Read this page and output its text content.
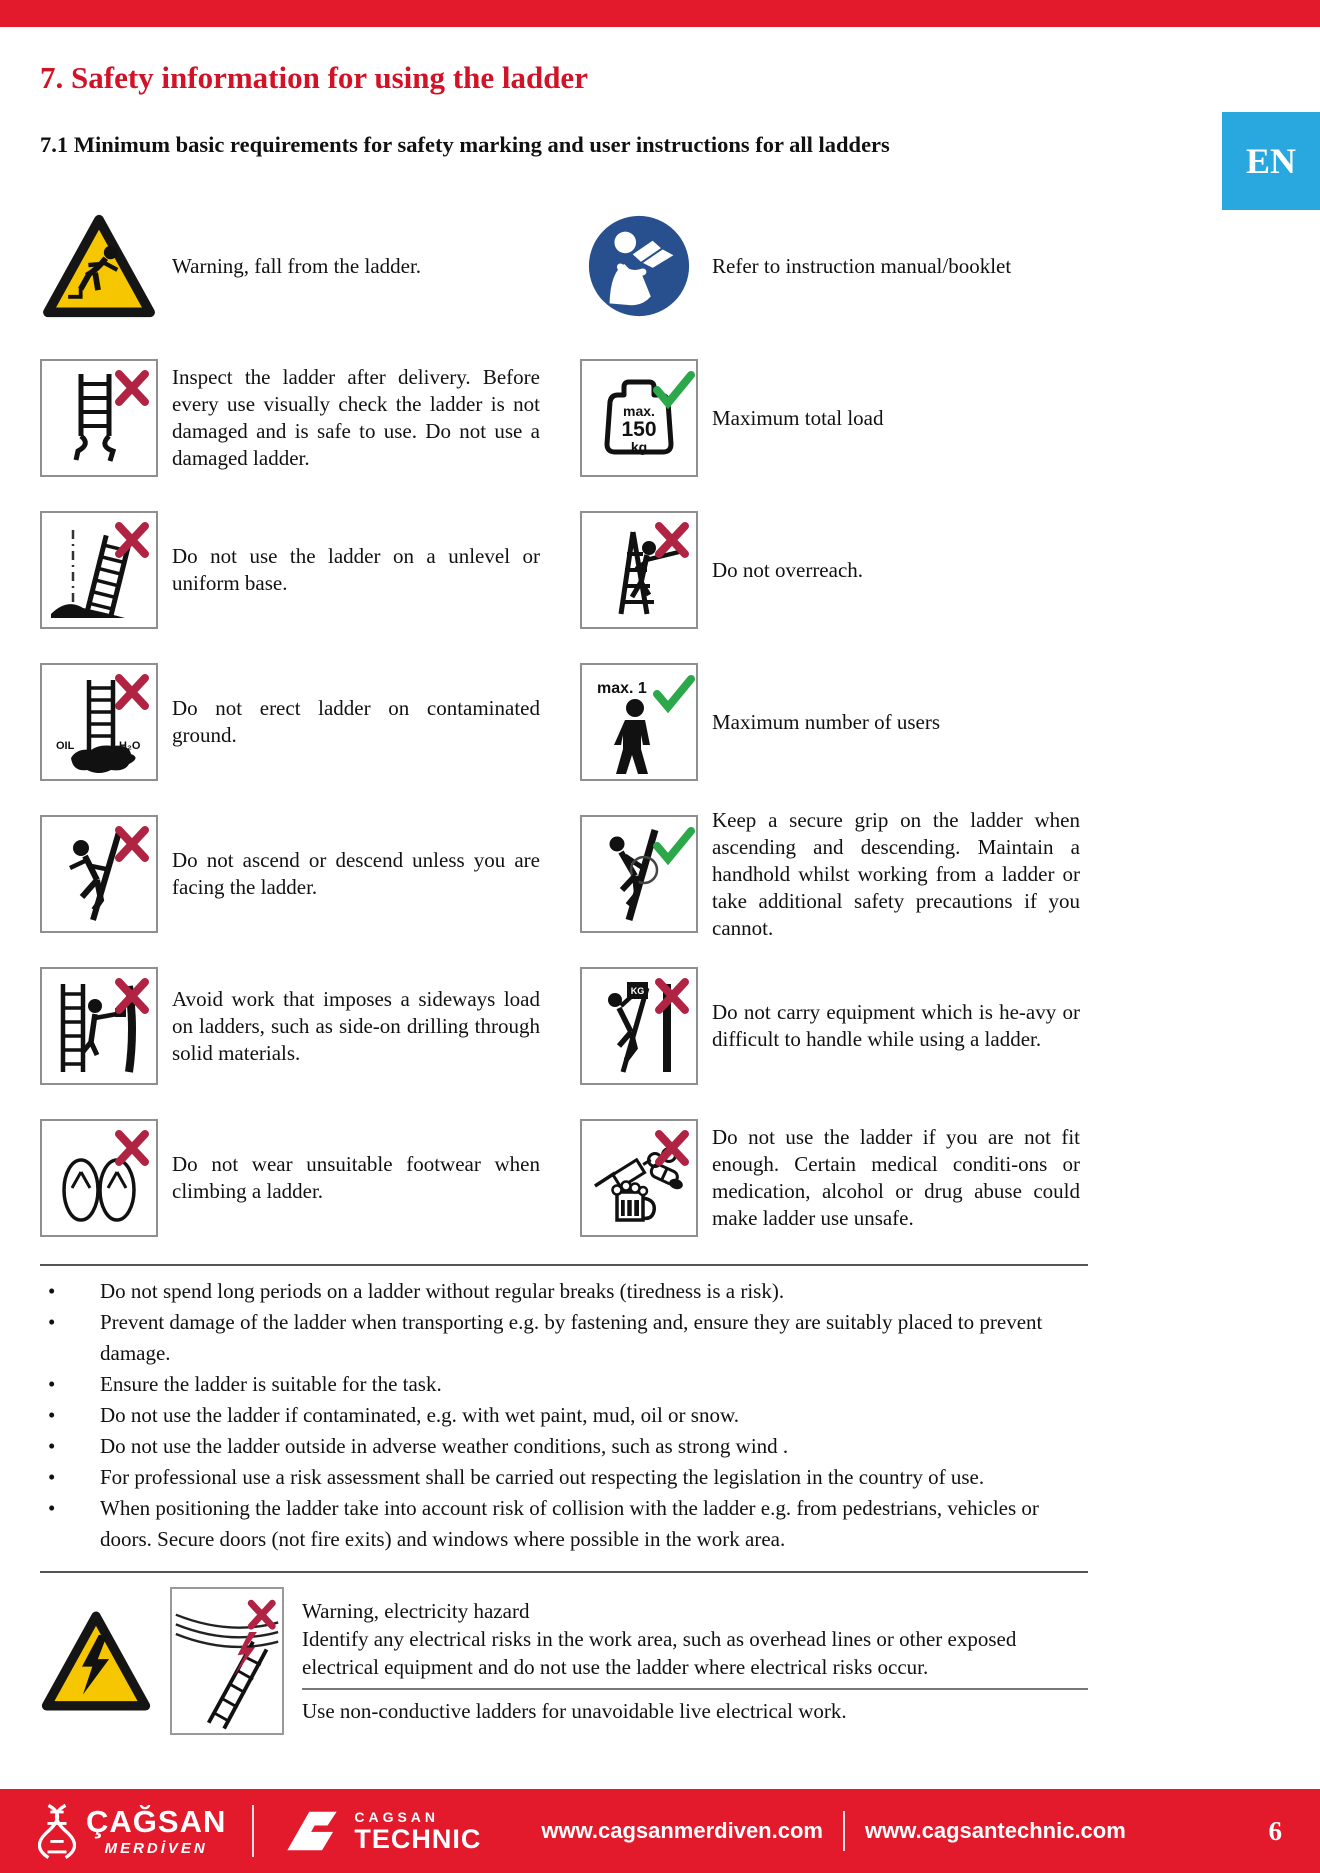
EN
7. Safety information for using the ladder
7.1 Minimum basic requirements for safety marking and user instructions for all ladders
Warning, fall from the ladder.	Refer to instruction manual/booklet
Inspect the ladder after delivery. Before every use visually check the ladder is not damaged and is safe to use. Do not use a damaged ladder.
max.
150
kg
Maximum total load
Do not use the ladder on a unlevel or uniform base.
Do not overreach.
OIL	H₂O
Do not erect ladder on contaminated ground.
max. 1
Maximum number of users
Do not ascend or descend unless you are facing the ladder.
Keep a secure grip on the ladder when ascending and descending. Maintain a handhold whilst working from a ladder or take additional safety precautions if you cannot.
Avoid work that imposes a sideways load on ladders, such as side-on drilling through solid materials.
KG
Do not carry equipment which is he-avy or difficult to handle while using a ladder.
Do not wear unsuitable footwear when climbing a ladder.
Do not use the ladder if you are not fit enough. Certain medical conditi-ons or medication, alcohol or drug abuse could make ladder use unsafe.
• Do not spend long periods on a ladder without regular breaks (tiredness is a risk).
• Prevent damage of the ladder when transporting e.g. by fastening and, ensure they are suitably placed to prevent damage.
• Ensure the ladder is suitable for the task.
• Do not use the ladder if contaminated, e.g. with wet paint, mud, oil or snow.
• Do not use the ladder outside in adverse weather conditions, such as strong wind .
• For professional use a risk assessment shall be carried out respecting the legislation in the country of use.
• When positioning the ladder take into account risk of collision with the ladder e.g. from pedestrians, vehicles or doors. Secure doors (not fire exits) and windows where possible in the work area.
Warning, electricity hazard
Identify any electrical risks in the work area, such as overhead lines or other exposed electrical equipment and do not use the ladder where electrical risks occur.
Use non-conductive ladders for unavoidable live electrical work.
ÇAĞSAN
MERDİVEN
CAGSAN
TECHNIC	www.cagsanmerdiven.com www.cagsantechnic.com	6
